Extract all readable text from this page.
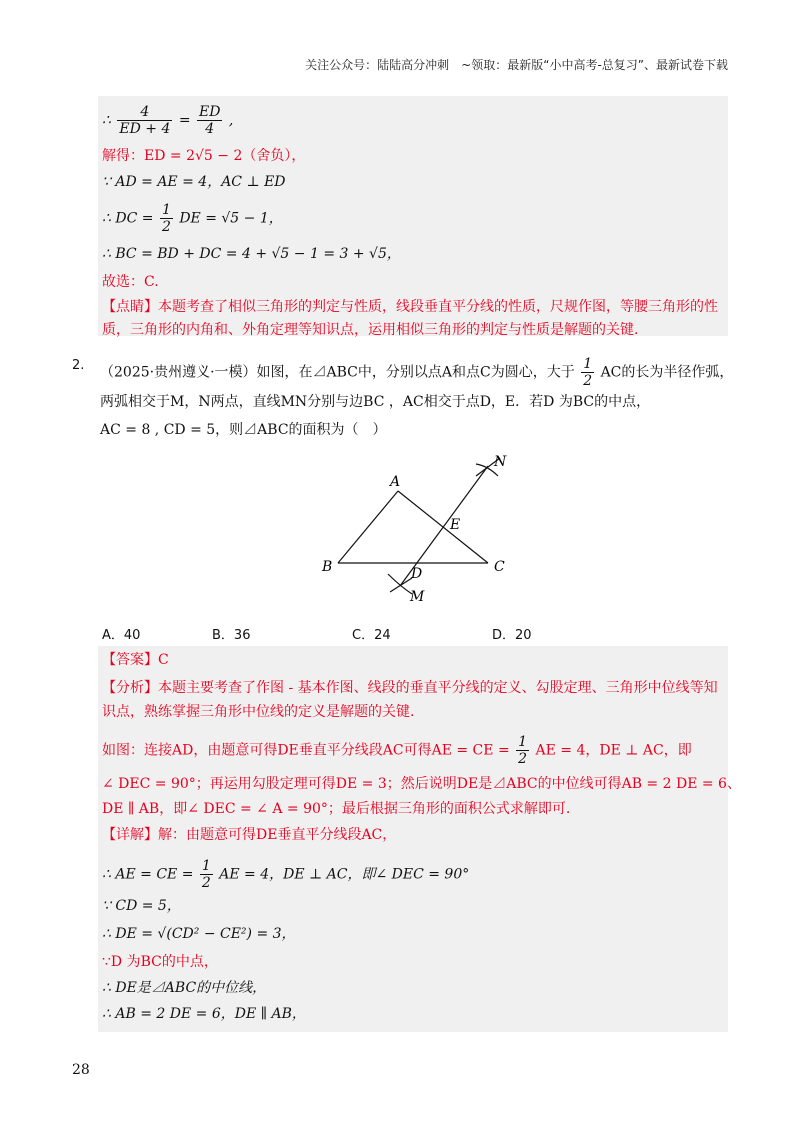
关注公众号：陆陆高分冲刺　~领取：最新版“小中高考-总复习”、最新试卷下载
∴ $\frac{4}{ED + 4} = \frac{ED}{4}$ ,
解得：ED = 2√5 − 2（舍负），
∵ AD = AE = 4，AC ⊥ ED
∴ DC = $\frac{1}{2}$ DE = √5 − 1，
∴ BC = BD + DC = 4 + √5 − 1 = 3 + √5，
故选：C.
【点睛】本题考查了相似三角形的判定与性质，线段垂直平分线的性质，尺规作图，等腰三角形的性
质，三角形的内角和、外角定理等知识点，运用相似三角形的判定与性质是解题的关键.
2. （2025·贵州遵义·一模）如图，在⊿ABC中，分别以点A和点C为圆心，大于 $\frac{1}{2}$ AC的长为半径作弧，
两弧相交于M，N两点，直线MN分别与边BC ，AC相交于点D，E．若D 为BC的中点，
AC = 8 , CD = 5，则⊿ABC的面积为（　）
A
B	C
D
E
M
N
A．40	B．36	C．24	D．20
【答案】C
【分析】本题主要考查了作图 - 基本作图、线段的垂直平分线的定义、勾股定理、三角形中位线等知
识点，熟练掌握三角形中位线的定义是解题的关键.
如图：连接AD，由题意可得DE垂直平分线段AC可得AE = CE = $\frac{1}{2}$ AE = 4，DE ⊥ AC，即
∠ DEC = 90°；再运用勾股定理可得DE = 3；然后说明DE是⊿ABC的中位线可得AB = 2 DE = 6、
DE ∥ AB，即∠ DEC = ∠ A = 90°；最后根据三角形的面积公式求解即可.
【详解】解：由题意可得DE垂直平分线段AC，
∴ AE = CE = $\frac{1}{2}$ AE = 4，DE ⊥ AC，即∠ DEC = 90°
∵ CD = 5，
∴ DE = √(CD² − CE²) = 3，
∵D 为BC的中点，
∴ DE是⊿ABC的中位线，
∴ AB = 2 DE = 6，DE ∥ AB，
28
